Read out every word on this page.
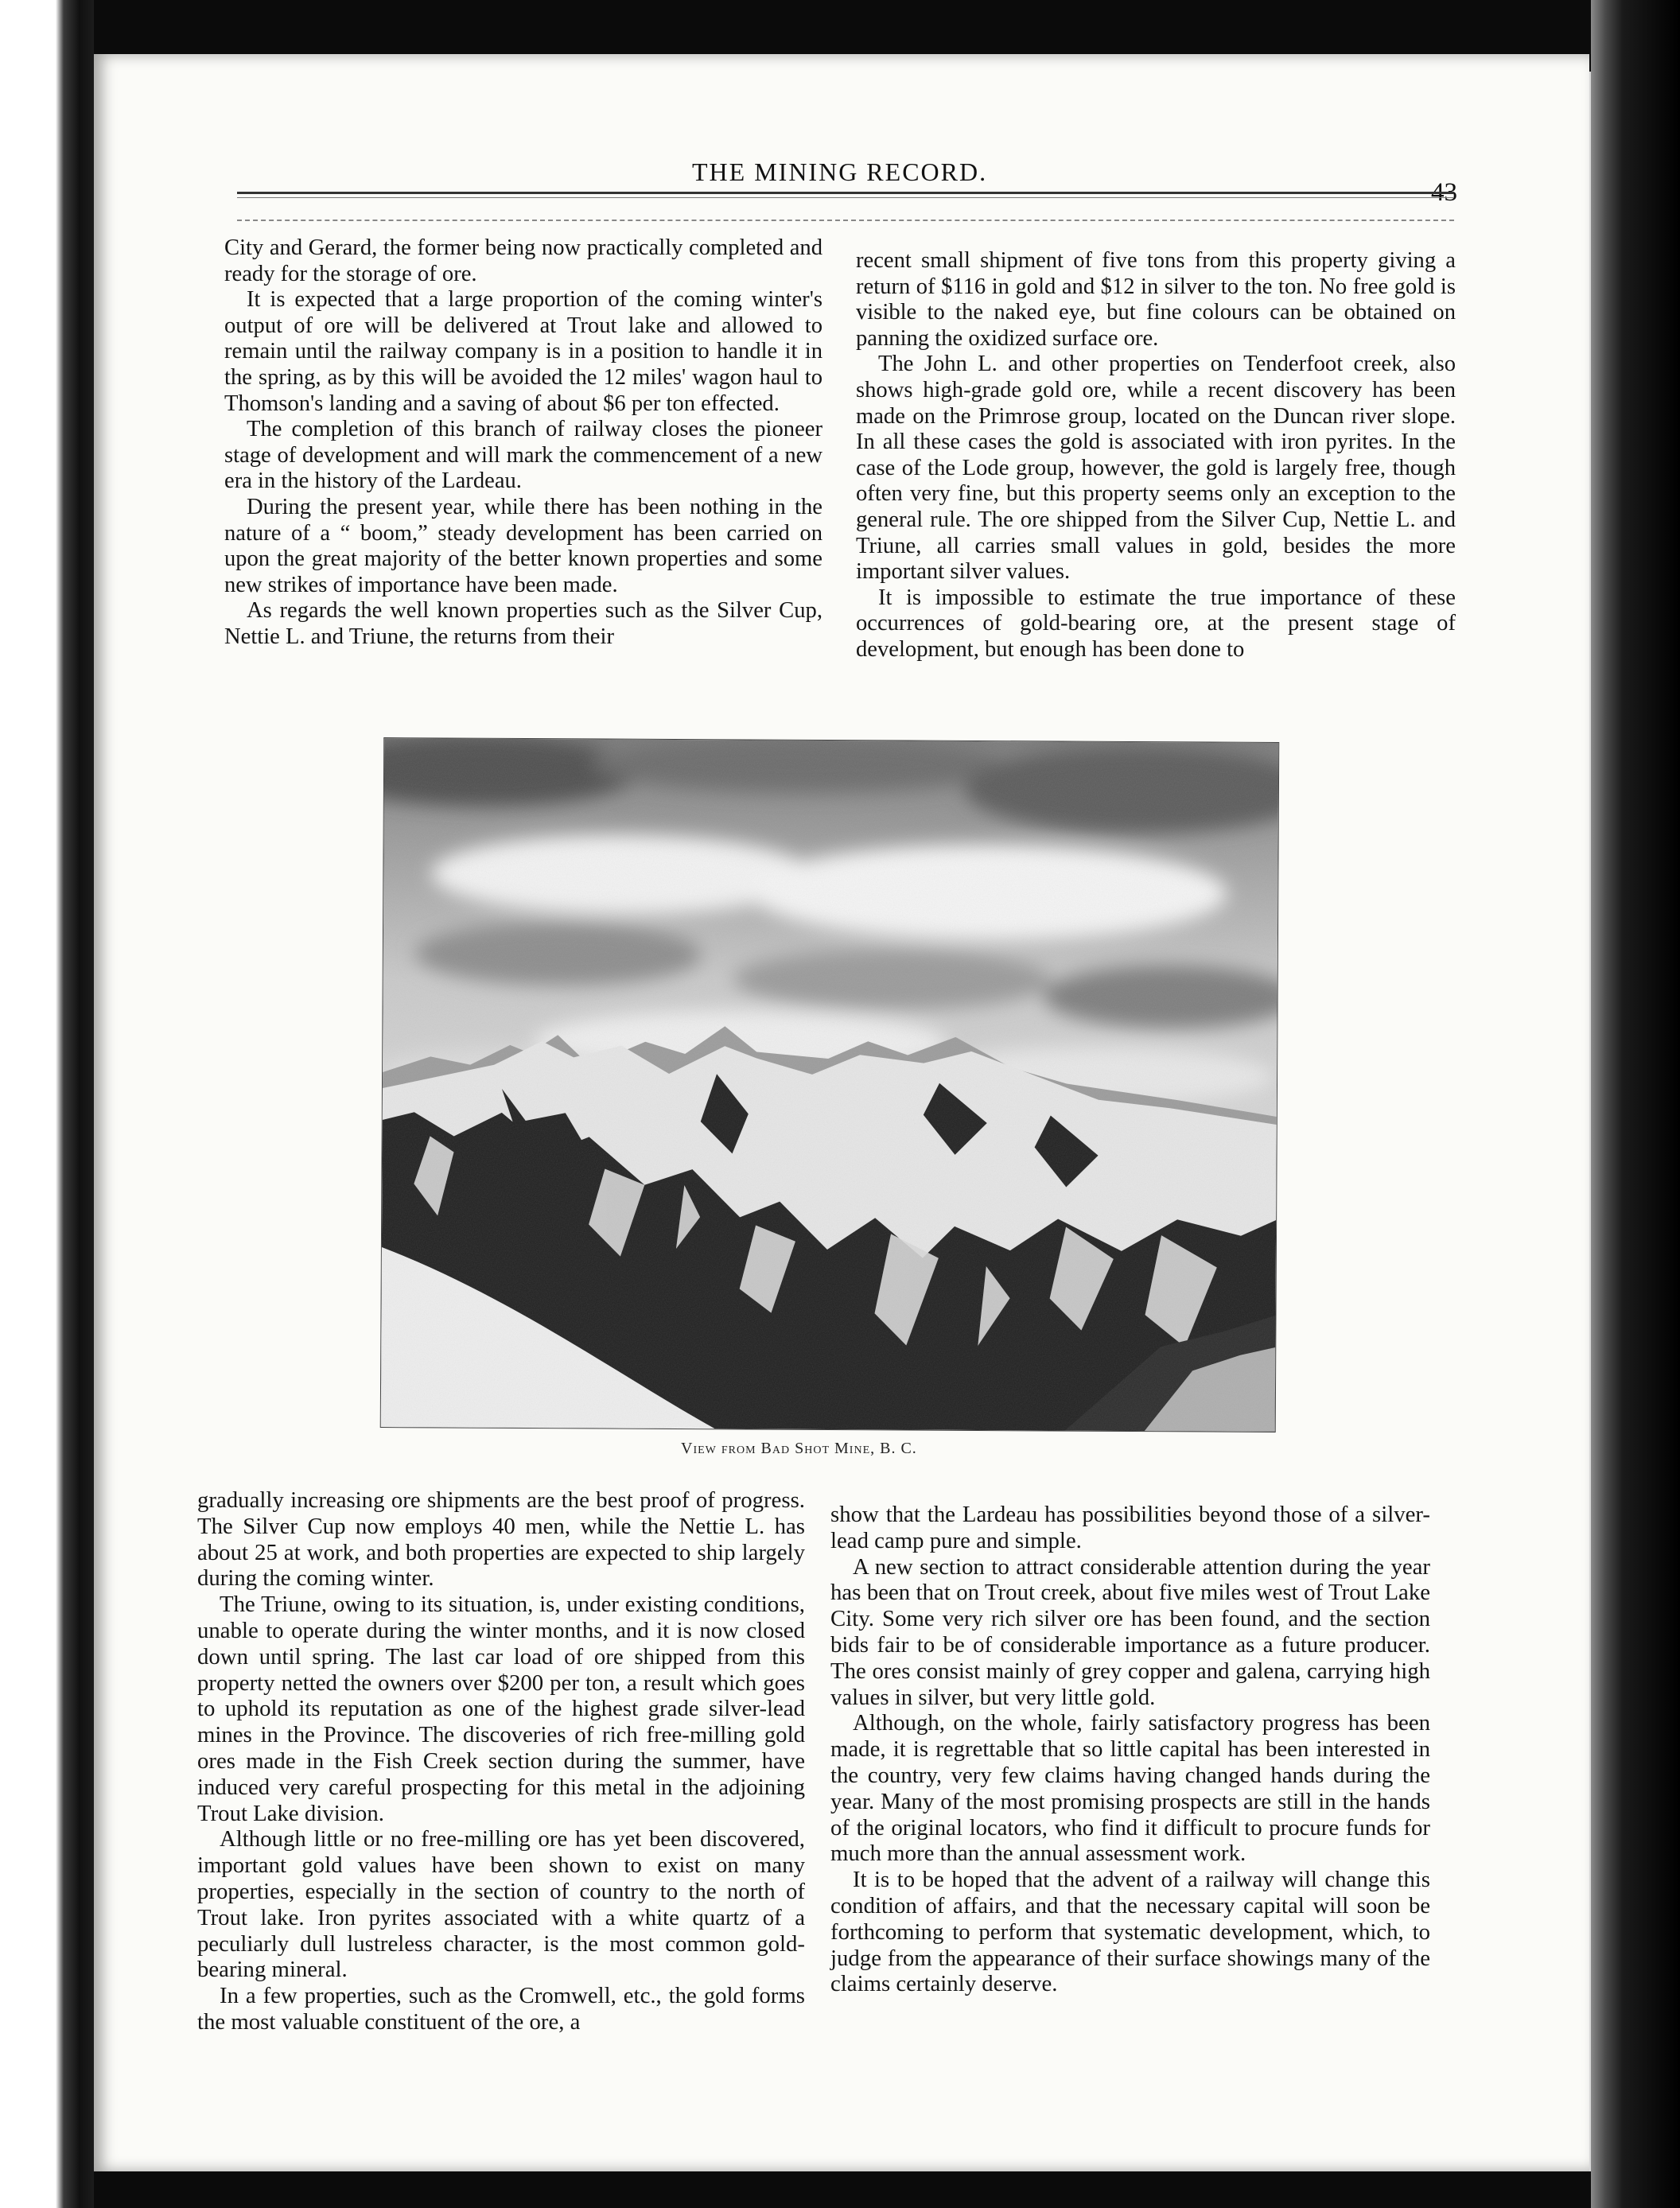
THE MINING RECORD.
43

City and Gerard, the former being now practically completed and ready for the storage of ore.

It is expected that a large proportion of the coming winter's output of ore will be delivered at Trout lake and allowed to remain until the railway company is in a position to handle it in the spring, as by this will be avoided the 12 miles' wagon haul to Thomson's landing and a saving of about $6 per ton effected.

The completion of this branch of railway closes the pioneer stage of development and will mark the commencement of a new era in the history of the Lardeau.

During the present year, while there has been nothing in the nature of a “ boom,” steady development has been carried on upon the great majority of the better known properties and some new strikes of importance have been made.

As regards the well known properties such as the Silver Cup, Nettie L. and Triune, the returns from their

recent small shipment of five tons from this property giving a return of $116 in gold and $12 in silver to the ton. No free gold is visible to the naked eye, but fine colours can be obtained on panning the oxidized surface ore.

The John L. and other properties on Tenderfoot creek, also shows high-grade gold ore, while a recent discovery has been made on the Primrose group, located on the Duncan river slope. In all these cases the gold is associated with iron pyrites. In the case of the Lode group, however, the gold is largely free, though often very fine, but this property seems only an exception to the general rule. The ore shipped from the Silver Cup, Nettie L. and Triune, all carries small values in gold, besides the more important silver values.

It is impossible to estimate the true importance of these occurrences of gold-bearing ore, at the present stage of development, but enough has been done to

View from Bad Shot Mine, B. C.

gradually increasing ore shipments are the best proof of progress. The Silver Cup now employs 40 men, while the Nettie L. has about 25 at work, and both properties are expected to ship largely during the coming winter.

The Triune, owing to its situation, is, under existing conditions, unable to operate during the winter months, and it is now closed down until spring. The last car load of ore shipped from this property netted the owners over $200 per ton, a result which goes to uphold its reputation as one of the highest grade silver-lead mines in the Province. The discoveries of rich free-milling gold ores made in the Fish Creek section during the summer, have induced very careful prospecting for this metal in the adjoining Trout Lake division.

Although little or no free-milling ore has yet been discovered, important gold values have been shown to exist on many properties, especially in the section of country to the north of Trout lake. Iron pyrites associated with a white quartz of a peculiarly dull lustreless character, is the most common gold-bearing mineral.

In a few properties, such as the Cromwell, etc., the gold forms the most valuable constituent of the ore, a

show that the Lardeau has possibilities beyond those of a silver-lead camp pure and simple.

A new section to attract considerable attention during the year has been that on Trout creek, about five miles west of Trout Lake City. Some very rich silver ore has been found, and the section bids fair to be of considerable importance as a future producer. The ores consist mainly of grey copper and galena, carrying high values in silver, but very little gold.

Although, on the whole, fairly satisfactory progress has been made, it is regrettable that so little capital has been interested in the country, very few claims having changed hands during the year. Many of the most promising prospects are still in the hands of the original locators, who find it difficult to procure funds for much more than the annual assessment work.

It is to be hoped that the advent of a railway will change this condition of affairs, and that the necessary capital will soon be forthcoming to perform that systematic development, which, to judge from the appearance of their surface showings many of the claims certainly deserve.
